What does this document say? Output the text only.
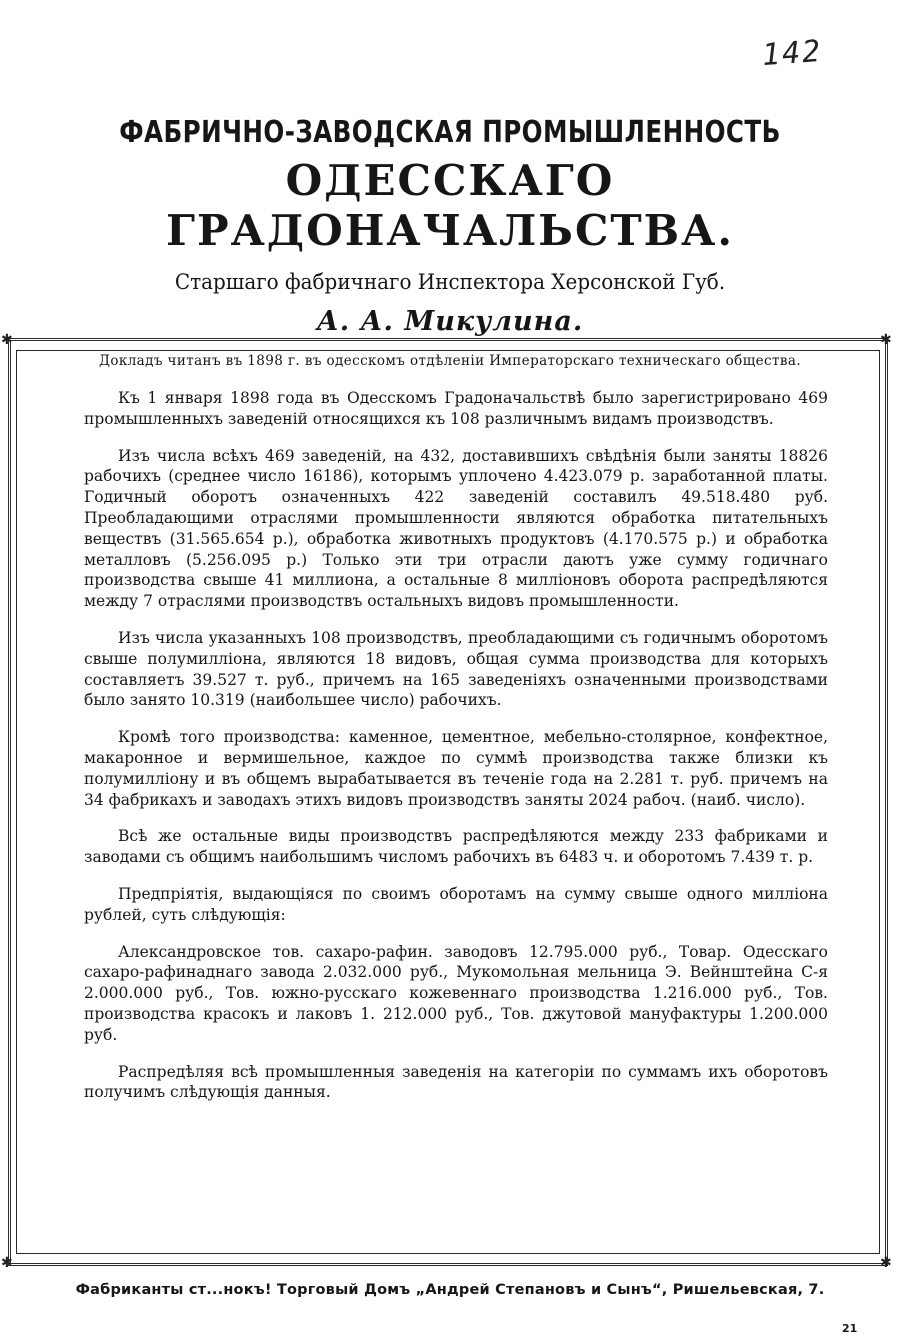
142
ФАБРИЧНО-ЗАВОДСКАЯ ПРОМЫШЛЕННОСТЬ
ОДЕССКАГО ГРАДОНАЧАЛЬСТВА.

Старшаго фабричнаго Инспектора Херсонской Губ.

А. А. Микулина.

Докладъ читанъ въ 1898 г. въ одесскомъ отдѣленіи Императорскаго техническаго общества.

✱	✱
✱	✱

Къ 1 января 1898 года въ Одесскомъ Градоначальствѣ было зарегистрировано 469 промышленныхъ заведеній относящихся къ 108 различнымъ видамъ производствъ.

Изъ числа всѣхъ 469 заведеній, на 432, доставившихъ свѣдѣнія были заняты 18826 рабочихъ (среднее число 16186), которымъ уплочено 4.423.079 р. заработанной платы. Годичный оборотъ означенныхъ 422 заведеній составилъ 49.518.480 руб. Преобладающими отраслями промышленности являются обработка питательныхъ веществъ (31.565.654 р.), обработка животныхъ продуктовъ (4.170.575 р.) и обработка металловъ (5.256.095 р.) Только эти три отрасли даютъ уже сумму годичнаго производства свыше 41 миллиона, а остальные 8 милліоновъ оборота распредѣляются между 7 отраслями производствъ остальныхъ видовъ промышленности.

Изъ числа указанныхъ 108 производствъ, преобладающими съ годичнымъ оборотомъ свыше полумилліона, являются 18 видовъ, общая сумма производства для которыхъ составляетъ 39.527 т. руб., причемъ на 165 заведеніяхъ означенными производствами было занято 10.319 (наибольшее число) рабочихъ.

Кромѣ того производства: каменное, цементное, мебельно-столярное, конфектное, макаронное и вермишельное, каждое по суммѣ производства также близки къ полумилліону и въ общемъ вырабатывается въ теченіе года на 2.281 т. руб. причемъ на 34 фабрикахъ и заводахъ этихъ видовъ производствъ заняты 2024 рабоч. (наиб. число).

Всѣ же остальные виды производствъ распредѣляются между 233 фабриками и заводами съ общимъ наибольшимъ числомъ рабочихъ въ 6483 ч. и оборотомъ 7.439 т. р.

Предпріятія, выдающіяся по своимъ оборотамъ на сумму свыше одного милліона рублей, суть слѣдующія:

Александровское тов. сахаро-рафин. заводовъ 12.795.000 руб., Товар. Одесскаго сахаро-рафинаднаго завода 2.032.000 руб., Мукомольная мельница Э. Вейнштейна С-я 2.000.000 руб., Тов. южно-русскаго кожевеннаго производства 1.216.000 руб., Тов. производства красокъ и лаковъ 1. 212.000 руб., Тов. джутовой мануфактуры 1.200.000 руб.

Распредѣляя всѣ промышленныя заведенія на категоріи по суммамъ ихъ оборотовъ получимъ слѣдующія данныя.

Фабриканты ст...нокъ! Торговый Домъ „Андрей Степановъ и Сынъ“, Ришельевская, 7.
21
